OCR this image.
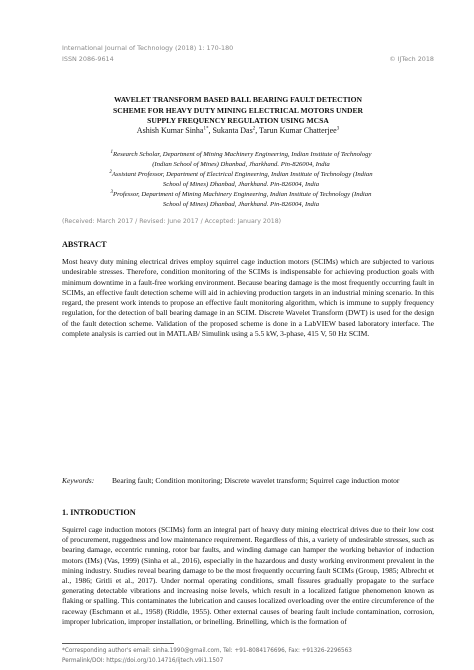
International Journal of Technology (2018) 1: 170-180
ISSN 2086-9614	© IJTech 2018
WAVELET TRANSFORM BASED BALL BEARING FAULT DETECTION
SCHEME FOR HEAVY DUTY MINING ELECTRICAL MOTORS UNDER
SUPPLY FREQUENCY REGULATION USING MCSA
Ashish Kumar Sinha$^{1*}$, Sukanta Das$^2$, Tarun Kumar Chatterjee$^3$
$^1$Research Scholar, Department of Mining Machinery Engineering, Indian Institute of Technology
(Indian School of Mines) Dhanbad, Jharkhand. Pin-826004, India
$^2$Assistant Professor, Department of Electrical Engineering, Indian Institute of Technology (Indian
School of Mines) Dhanbad, Jharkhand. Pin-826004, India
$^3$Professor, Department of Mining Machinery Engineering, Indian Institute of Technology (Indian
School of Mines) Dhanbad, Jharkhand. Pin-826004, India
(Received: March 2017 / Revised: June 2017 / Accepted: January 2018)
ABSTRACT
Most heavy duty mining electrical drives employ squirrel cage induction motors (SCIMs) which are subjected to various undesirable stresses. Therefore, condition monitoring of the SCIMs is indispensable for achieving production goals with minimum downtime in a fault-free working environment. Because bearing damage is the most frequently occurring fault in SCIMs, an effective fault detection scheme will aid in achieving production targets in an industrial mining scenario. In this regard, the present work intends to propose an effective fault monitoring algorithm, which is immune to supply frequency regulation, for the detection of ball bearing damage in an SCIM. Discrete Wavelet Transform (DWT) is used for the design of the fault detection scheme. Validation of the proposed scheme is done in a LabVIEW based laboratory interface. The complete analysis is carried out in MATLAB/ Simulink using a 5.5 kW, 3-phase, 415 V, 50 Hz SCIM.
Keywords: Bearing fault; Condition monitoring; Discrete wavelet transform; Squirrel cage induction motor
1. INTRODUCTION
Squirrel cage induction motors (SCIMs) form an integral part of heavy duty mining electrical drives due to their low cost of procurement, ruggedness and low maintenance requirement. Regardless of this, a variety of undesirable stresses, such as bearing damage, eccentric running, rotor bar faults, and winding damage can hamper the working behavior of induction motors (IMs) (Vas, 1999) (Sinha et al., 2016), especially in the hazardous and dusty working environment prevalent in the mining industry. Studies reveal bearing damage to be the most frequently occurring fault SCIMs (Group, 1985; Albrecht et al., 1986; Gritli et al., 2017). Under normal operating conditions, small fissures gradually propagate to the surface generating detectable vibrations and increasing noise levels, which result in a localized fatigue phenomenon known as flaking or spalling. This contaminates the lubrication and causes localized overloading over the entire circumference of the raceway (Eschmann et al., 1958) (Riddle, 1955). Other external causes of bearing fault include contamination, corrosion, improper lubrication, improper installation, or brinelling. Brinelling, which is the formation of
*Corresponding author's email: sinha.1990@gmail.com, Tel: +91-8084176696, Fax: +91326-2296563
Permalink/DOI: https://doi.org/10.14716/ijtech.v9i1.1507
